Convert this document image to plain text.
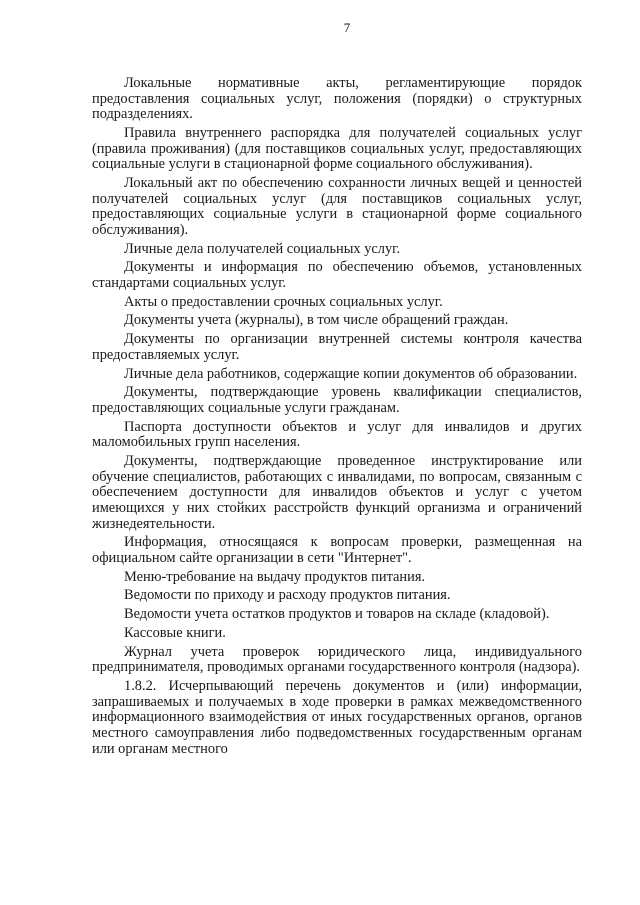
7

Локальные нормативные акты, регламентирующие порядок предоставления социальных услуг, положения (порядки) о структурных подразделениях.

Правила внутреннего распорядка для получателей социальных услуг (правила проживания) (для поставщиков социальных услуг, предоставляющих социальные услуги в стационарной форме социального обслуживания).

Локальный акт по обеспечению сохранности личных вещей и ценностей получателей социальных услуг (для поставщиков социальных услуг, предоставляющих социальные услуги в стационарной форме социального обслуживания).

Личные дела получателей социальных услуг.

Документы и информация по обеспечению объемов, установленных стандартами социальных услуг.

Акты о предоставлении срочных социальных услуг.

Документы учета (журналы), в том числе обращений граждан.

Документы по организации внутренней системы контроля качества предоставляемых услуг.

Личные дела работников, содержащие копии документов об образовании.

Документы, подтверждающие уровень квалификации специалистов, предоставляющих социальные услуги гражданам.

Паспорта доступности объектов и услуг для инвалидов и других маломобильных групп населения.

Документы, подтверждающие проведенное инструктирование или обучение специалистов, работающих с инвалидами, по вопросам, связанным с обеспечением доступности для инвалидов объектов и услуг с учетом имеющихся у них стойких расстройств функций организма и ограничений жизнедеятельности.

Информация, относящаяся к вопросам проверки, размещенная на официальном сайте организации в сети "Интернет".

Меню-требование на выдачу продуктов питания.

Ведомости по приходу и расходу продуктов питания.

Ведомости учета остатков продуктов и товаров на складе (кладовой).

Кассовые книги.

Журнал учета проверок юридического лица, индивидуального предпринимателя, проводимых органами государственного контроля (надзора).

1.8.2. Исчерпывающий перечень документов и (или) информации, запрашиваемых и получаемых в ходе проверки в рамках межведомственного информационного взаимодействия от иных государственных органов, органов местного самоуправления либо подведомственных государственным органам или органам местного
